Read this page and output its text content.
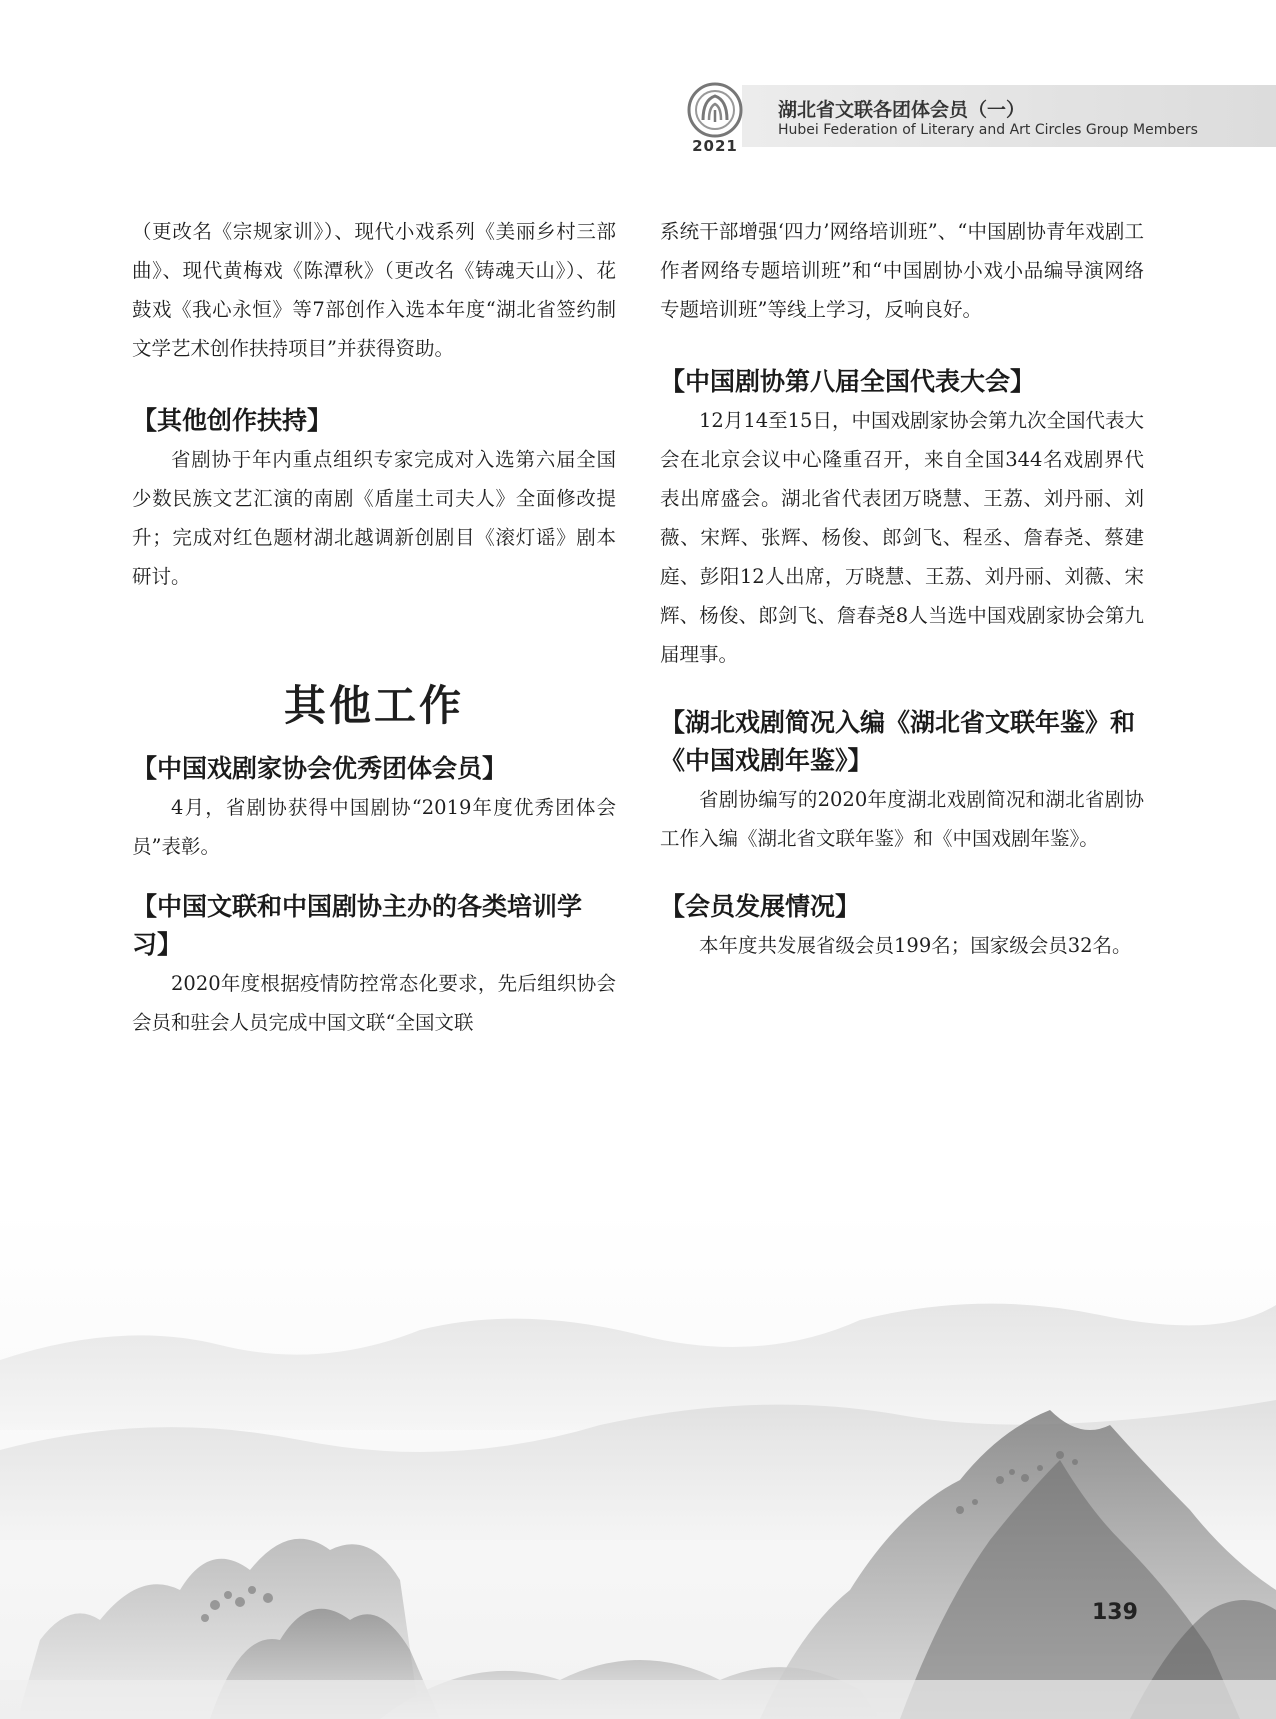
2021
湖北省文联各团体会员（一）
Hubei Federation of Literary and Art Circles Group Members

（更改名《宗规家训》）、现代小戏系列《美丽乡村三部曲》、现代黄梅戏《陈潭秋》（更改名《铸魂天山》）、花鼓戏《我心永恒》等7部创作入选本年度“湖北省签约制文学艺术创作扶持项目”并获得资助。

【其他创作扶持】

省剧协于年内重点组织专家完成对入选第六届全国少数民族文艺汇演的南剧《盾崖土司夫人》全面修改提升；完成对红色题材湖北越调新创剧目《滚灯谣》剧本研讨。

其他工作

【中国戏剧家协会优秀团体会员】

4月，省剧协获得中国剧协“2019年度优秀团体会员”表彰。

【中国文联和中国剧协主办的各类培训学习】

2020年度根据疫情防控常态化要求，先后组织协会会员和驻会人员完成中国文联“全国文联

系统干部增强‘四力’网络培训班”、“中国剧协青年戏剧工作者网络专题培训班”和“中国剧协小戏小品编导演网络专题培训班”等线上学习，反响良好。

【中国剧协第八届全国代表大会】

12月14至15日，中国戏剧家协会第九次全国代表大会在北京会议中心隆重召开，来自全国344名戏剧界代表出席盛会。湖北省代表团万晓慧、王荔、刘丹丽、刘薇、宋辉、张辉、杨俊、郎剑飞、程丞、詹春尧、蔡建庭、彭阳12人出席，万晓慧、王荔、刘丹丽、刘薇、宋辉、杨俊、郎剑飞、詹春尧8人当选中国戏剧家协会第九届理事。

【湖北戏剧简况入编《湖北省文联年鉴》和《中国戏剧年鉴》】

省剧协编写的2020年度湖北戏剧简况和湖北省剧协工作入编《湖北省文联年鉴》和《中国戏剧年鉴》。

【会员发展情况】

本年度共发展省级会员199名；国家级会员32名。

139
